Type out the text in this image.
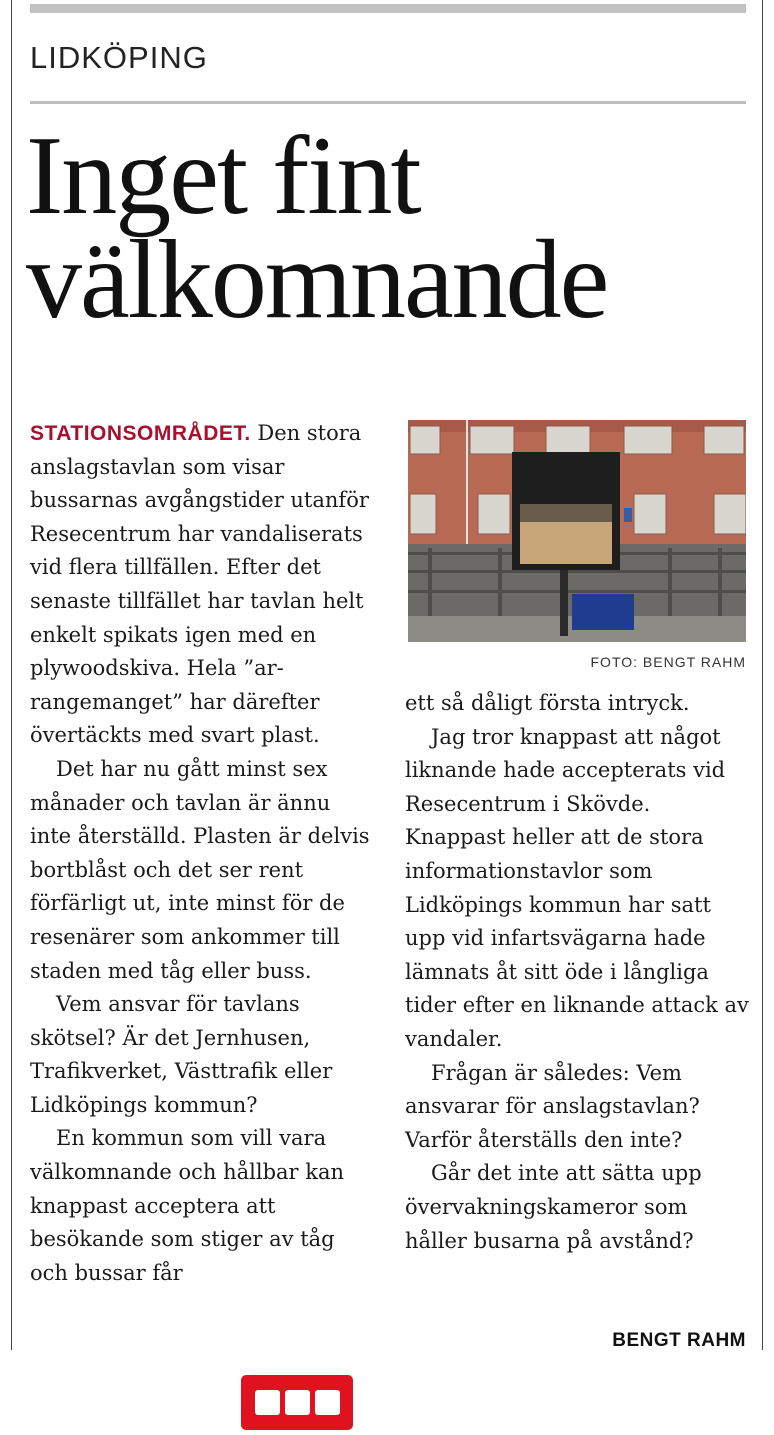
LIDKÖPING
Inget fint välkomnande

STATIONSOMRÅDET. Den stora anslagstavlan som visar bussarnas avgångstider utanför Resecentrum har vandaliserats vid flera tillfällen. Efter det senaste tillfället har tavlan helt enkelt spikats igen med en plywoodskiva. Hela ”arrangemanget” har därefter övertäckts med svart plast.

Det har nu gått minst sex månader och tavlan är ännu inte återställd. Plasten är delvis bortblåst och det ser rent förfärligt ut, inte minst för de resenärer som ankommer till staden med tåg eller buss.

Vem ansvar för tavlans skötsel? Är det Jernhusen, Trafikverket, Västtrafik eller Lidköpings kommun?

En kommun som vill vara välkomnande och hållbar kan knappast acceptera att besökande som stiger av tåg och bussar får

FOTO: BENGT RAHM

ett så dåligt första intryck.

Jag tror knappast att något liknande hade accepterats vid Resecentrum i Skövde. Knappast heller att de stora informationstavlor som Lidköpings kommun har satt upp vid infartsvägarna hade lämnats åt sitt öde i långliga tider efter en liknande attack av vandaler.

Frågan är således: Vem ansvarar för anslagstavlan? Varför återställs den inte?

Går det inte att sätta upp övervakningskameror som håller busarna på avstånd?

BENGT RAHM
